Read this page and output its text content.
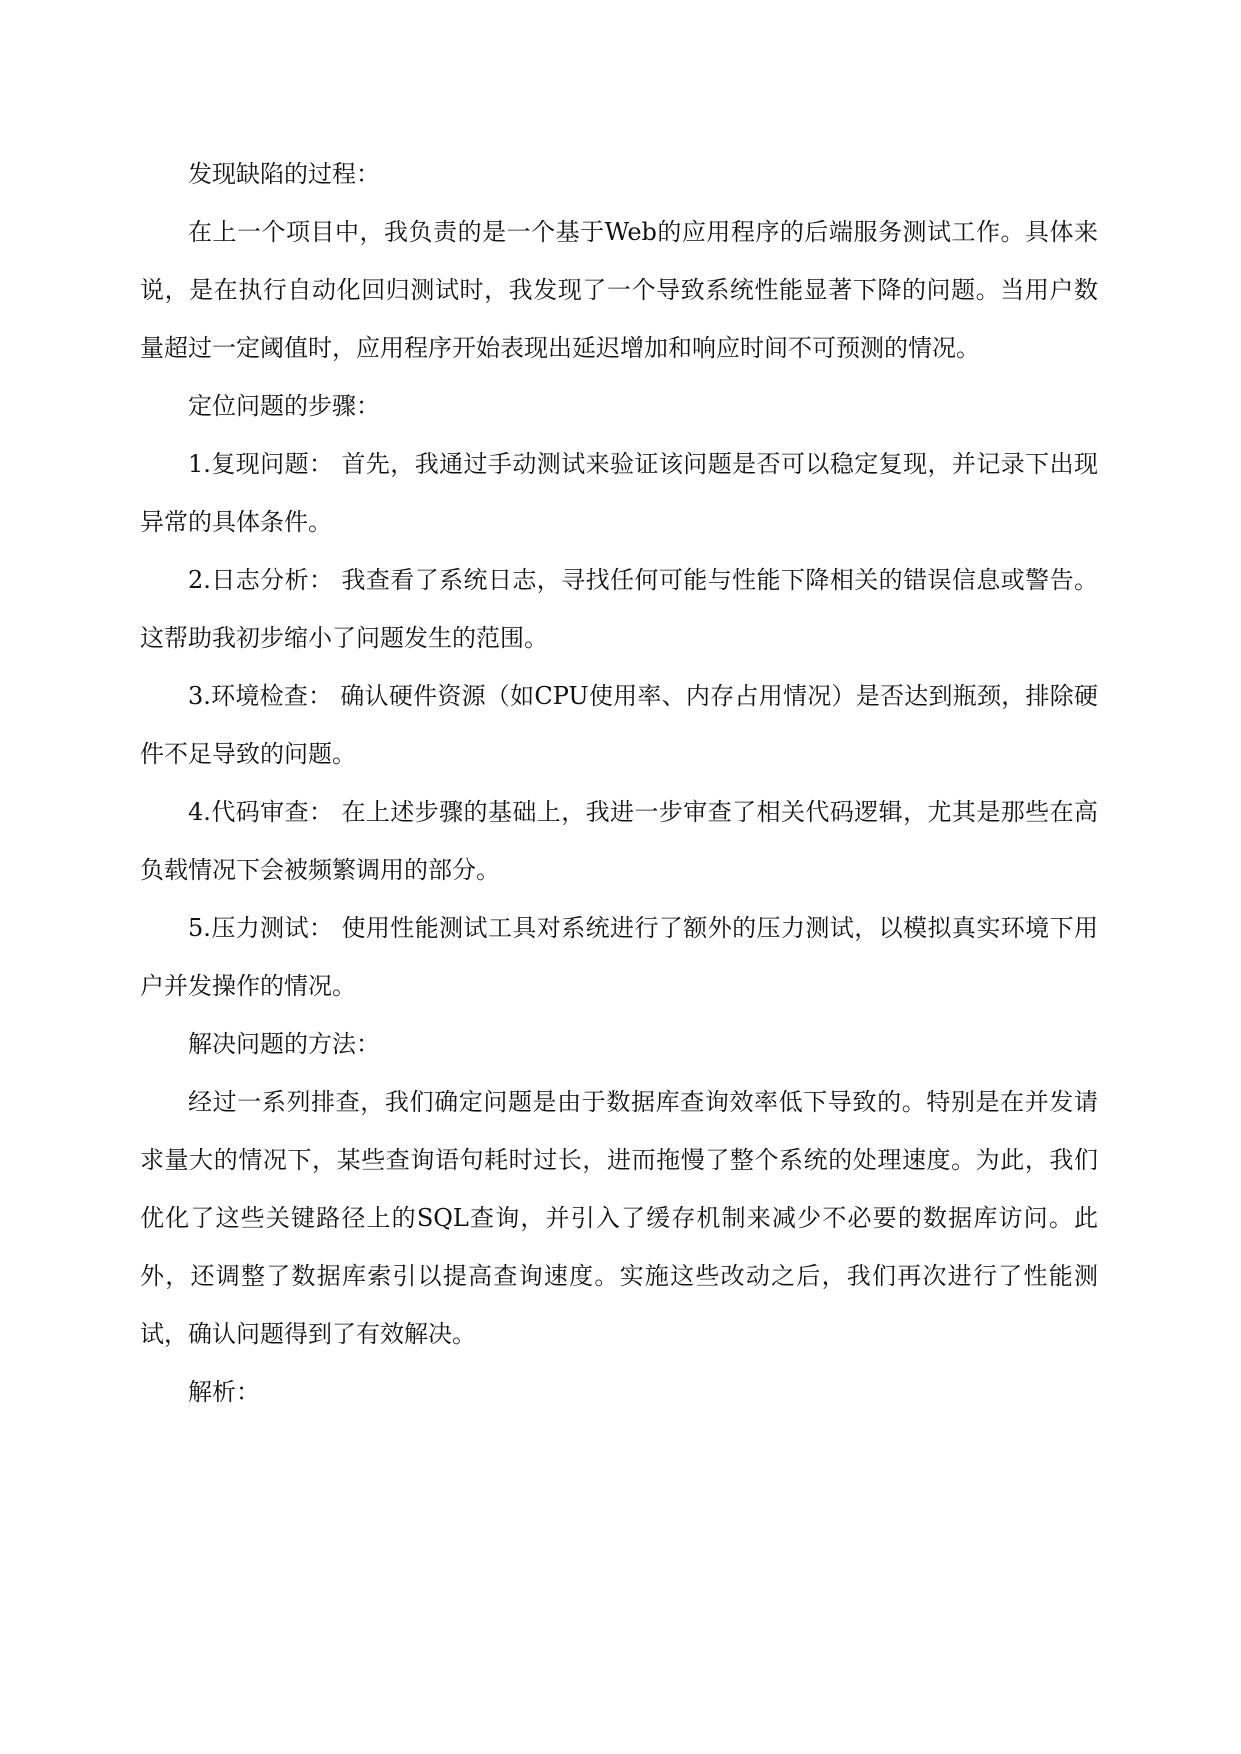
发现缺陷的过程：

在上一个项目中，我负责的是一个基于Web的应用程序的后端服务测试工作。具体来说，是在执行自动化回归测试时，我发现了一个导致系统性能显著下降的问题。当用户数量超过一定阈值时，应用程序开始表现出延迟增加和响应时间不可预测的情况。

定位问题的步骤：

1.复现问题： 首先，我通过手动测试来验证该问题是否可以稳定复现，并记录下出现异常的具体条件。

2.日志分析： 我查看了系统日志，寻找任何可能与性能下降相关的错误信息或警告。这帮助我初步缩小了问题发生的范围。

3.环境检查： 确认硬件资源（如CPU使用率、内存占用情况）是否达到瓶颈，排除硬件不足导致的问题。

4.代码审查： 在上述步骤的基础上，我进一步审查了相关代码逻辑，尤其是那些在高负载情况下会被频繁调用的部分。

5.压力测试： 使用性能测试工具对系统进行了额外的压力测试，以模拟真实环境下用户并发操作的情况。

解决问题的方法：

经过一系列排查，我们确定问题是由于数据库查询效率低下导致的。特别是在并发请求量大的情况下，某些查询语句耗时过长，进而拖慢了整个系统的处理速度。为此，我们优化了这些关键路径上的SQL查询，并引入了缓存机制来减少不必要的数据库访问。此外，还调整了数据库索引以提高查询速度。实施这些改动之后，我们再次进行了性能测试，确认问题得到了有效解决。

解析：
